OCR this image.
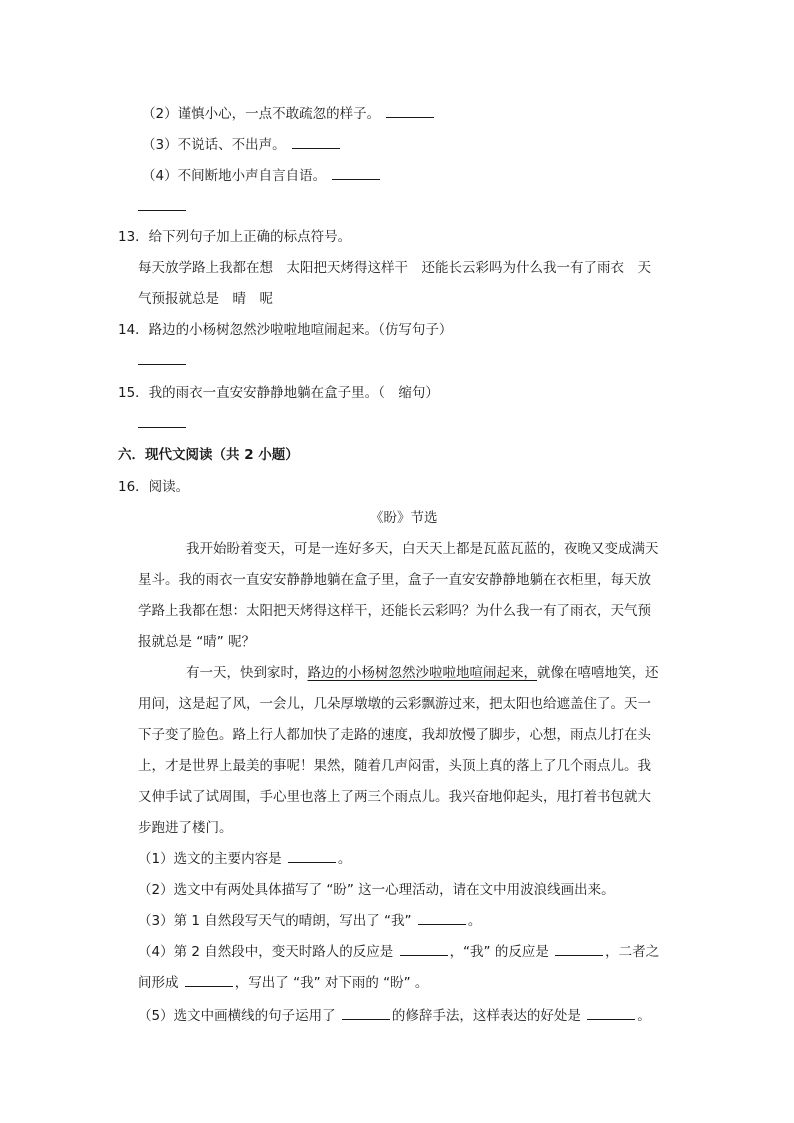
（2）谨慎小心，一点不敢疏忽的样子。
（3）不说话、不出声。
（4）不间断地小声自言自语。
13．给下列句子加上正确的标点符号。
每天放学路上我都在想　太阳把天烤得这样干　还能长云彩吗为什么我一有了雨衣　天
气预报就总是　晴　呢
14．路边的小杨树忽然沙啦啦地喧闹起来。（仿写句子）
15．我的雨衣一直安安静静地躺在盒子里。（　缩句）
六．现代文阅读（共 2 小题）
16．阅读。
《盼》节选
我开始盼着变天，可是一连好多天，白天天上都是瓦蓝瓦蓝的，夜晚又变成满天
星斗。我的雨衣一直安安静静地躺在盒子里，盒子一直安安静静地躺在衣柜里，每天放
学路上我都在想：太阳把天烤得这样干，还能长云彩吗？为什么我一有了雨衣，天气预
报就总是 “晴” 呢？
有一天，快到家时，路边的小杨树忽然沙啦啦地喧闹起来，就像在嘻嘻地笑，还
用问，这是起了风，一会儿，几朵厚墩墩的云彩飘游过来，把太阳也给遮盖住了。天一
下子变了脸色。路上行人都加快了走路的速度，我却放慢了脚步，心想，雨点儿打在头
上，才是世界上最美的事呢！果然，随着几声闷雷，头顶上真的落上了几个雨点儿。我
又伸手试了试周围，手心里也落上了两三个雨点儿。我兴奋地仰起头，甩打着书包就大
步跑进了楼门。
（1）选文的主要内容是	。
（2）选文中有两处具体描写了 “盼” 这一心理活动，请在文中用波浪线画出来。
（3）第 1 自然段写天气的晴朗，写出了 “我”	。
（4）第 2 自然段中，变天时路人的反应是	，“我” 的反应是	，二者之
间形成	，写出了 “我” 对下雨的 “盼” 。
（5）选文中画横线的句子运用了	的修辞手法，这样表达的好处是	。
